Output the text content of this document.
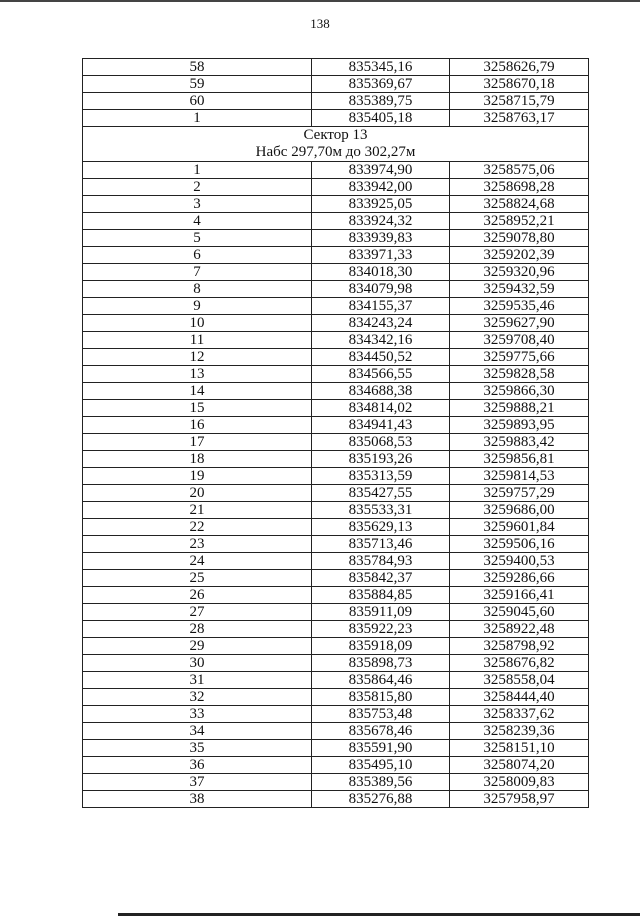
138
58	835345,16	3258626,79
59	835369,67	3258670,18
60	835389,75	3258715,79
1	835405,18	3258763,17

Сектор 13
Набс 297,70м до 302,27м		

1	833974,90	3258575,06
2	833942,00	3258698,28
3	833925,05	3258824,68
4	833924,32	3258952,21
5	833939,83	3259078,80
6	833971,33	3259202,39
7	834018,30	3259320,96
8	834079,98	3259432,59
9	834155,37	3259535,46
10	834243,24	3259627,90
11	834342,16	3259708,40
12	834450,52	3259775,66
13	834566,55	3259828,58
14	834688,38	3259866,30
15	834814,02	3259888,21
16	834941,43	3259893,95
17	835068,53	3259883,42
18	835193,26	3259856,81
19	835313,59	3259814,53
20	835427,55	3259757,29
21	835533,31	3259686,00
22	835629,13	3259601,84
23	835713,46	3259506,16
24	835784,93	3259400,53
25	835842,37	3259286,66
26	835884,85	3259166,41
27	835911,09	3259045,60
28	835922,23	3258922,48
29	835918,09	3258798,92
30	835898,73	3258676,82
31	835864,46	3258558,04
32	835815,80	3258444,40
33	835753,48	3258337,62
34	835678,46	3258239,36
35	835591,90	3258151,10
36	835495,10	3258074,20
37	835389,56	3258009,83
38	835276,88	3257958,97
